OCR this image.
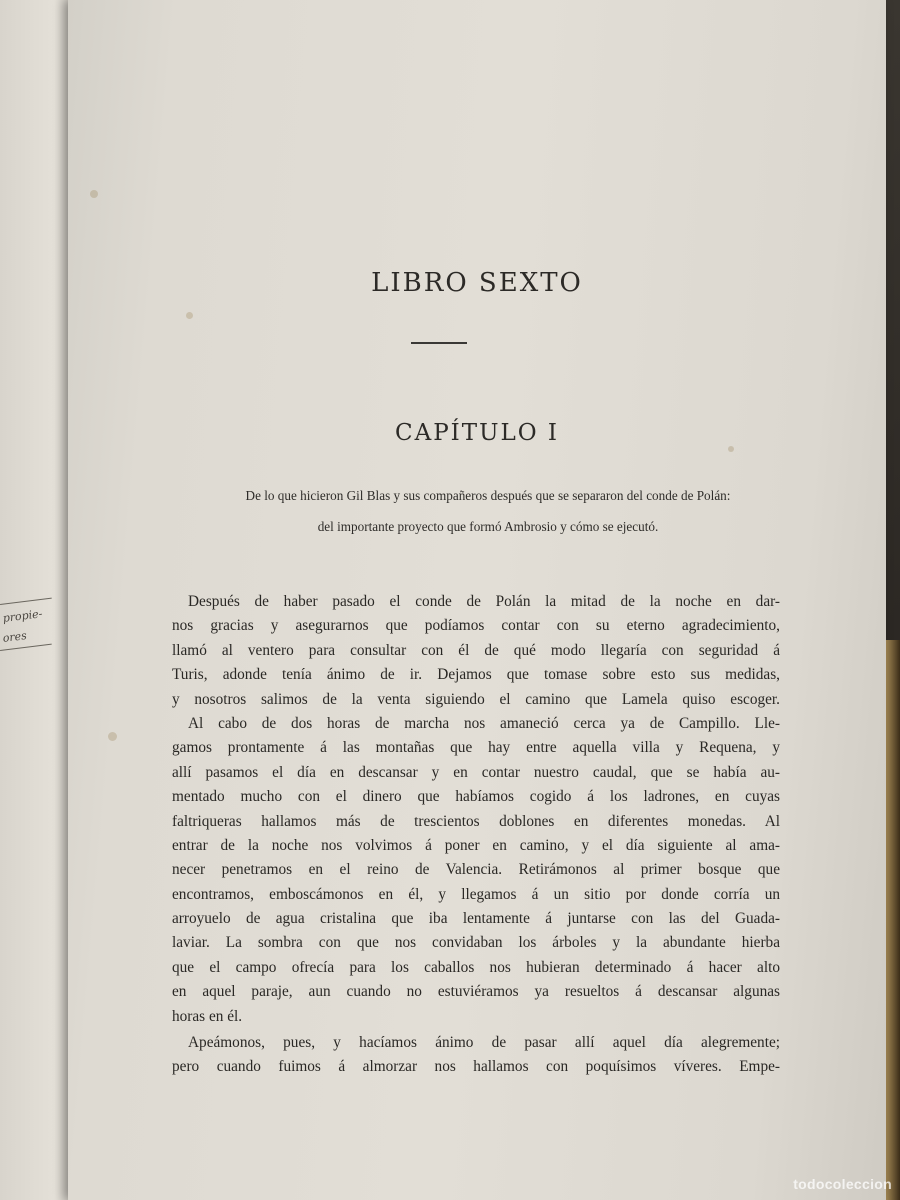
propie-
ores
LIBRO SEXTO
CAPÍTULO I

De lo que hicieron Gil Blas y sus compañeros después que se separaron del conde de Polán:

del importante proyecto que formó Ambrosio y cómo se ejecutó.

Después de haber pasado el conde de Polán la mitad de la noche en dar-
nos gracias y asegurarnos que podíamos contar con su eterno agradecimiento,
llamó al ventero para consultar con él de qué modo llegaría con seguridad á
Turis, adonde tenía ánimo de ir. Dejamos que tomase sobre esto sus medidas,
y nosotros salimos de la venta siguiendo el camino que Lamela quiso escoger.
Al cabo de dos horas de marcha nos amaneció cerca ya de Campillo. Lle-
gamos prontamente á las montañas que hay entre aquella villa y Requena, y
allí pasamos el día en descansar y en contar nuestro caudal, que se había au-
mentado mucho con el dinero que habíamos cogido á los ladrones, en cuyas
faltriqueras hallamos más de trescientos doblones en diferentes monedas. Al
entrar de la noche nos volvimos á poner en camino, y el día siguiente al ama-
necer penetramos en el reino de Valencia. Retirámonos al primer bosque que
encontramos, emboscámonos en él, y llegamos á un sitio por donde corría un
arroyuelo de agua cristalina que iba lentamente á juntarse con las del Guada-
laviar. La sombra con que nos convidaban los árboles y la abundante hierba
que el campo ofrecía para los caballos nos hubieran determinado á hacer alto
en aquel paraje, aun cuando no estuviéramos ya resueltos á descansar algunas
horas en él.
Apeámonos, pues, y hacíamos ánimo de pasar allí aquel día alegremente;
pero cuando fuimos á almorzar nos hallamos con poquísimos víveres. Empe-
todocoleccion
